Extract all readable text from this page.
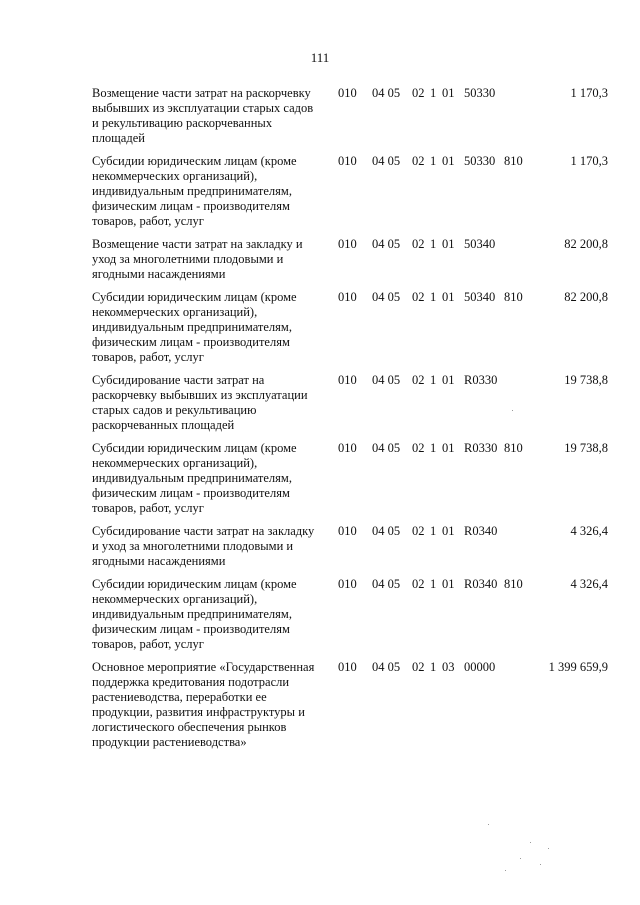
111
Возмещение части затрат на раскорчевку выбывших из эксплуатации старых садов и рекультивацию раскорчеванных площадей
010 04 05 02 1 01 50330	1 170,3
Субсидии юридическим лицам (кроме некоммерческих организаций), индивидуальным предпринимателям, физическим лицам - производителям товаров, работ, услуг
010 04 05 02 1 01 50330 810	1 170,3
Возмещение части затрат на закладку и уход за многолетними плодовыми и ягодными насаждениями
010 04 05 02 1 01 50340	82 200,8
Субсидии юридическим лицам (кроме некоммерческих организаций), индивидуальным предпринимателям, физическим лицам - производителям товаров, работ, услуг
010 04 05 02 1 01 50340 810	82 200,8
Субсидирование части затрат на раскорчевку выбывших из эксплуатации старых садов и рекультивацию раскорчеванных площадей
010 04 05 02 1 01 R0330	19 738,8
Субсидии юридическим лицам (кроме некоммерческих организаций), индивидуальным предпринимателям, физическим лицам - производителям товаров, работ, услуг
010 04 05 02 1 01 R0330 810	19 738,8
Субсидирование части затрат на закладку и уход за многолетними плодовыми и ягодными насаждениями
010 04 05 02 1 01 R0340	4 326,4
Субсидии юридическим лицам (кроме некоммерческих организаций), индивидуальным предпринимателям, физическим лицам - производителям товаров, работ, услуг
010 04 05 02 1 01 R0340 810	4 326,4
Основное мероприятие «Государственная поддержка кредитования подотрасли растениеводства, переработки ее продукции, развития инфраструктуры и логистического обеспечения рынков продукции растениеводства»
010 04 05 02 1 03 00000	1 399 659,9
